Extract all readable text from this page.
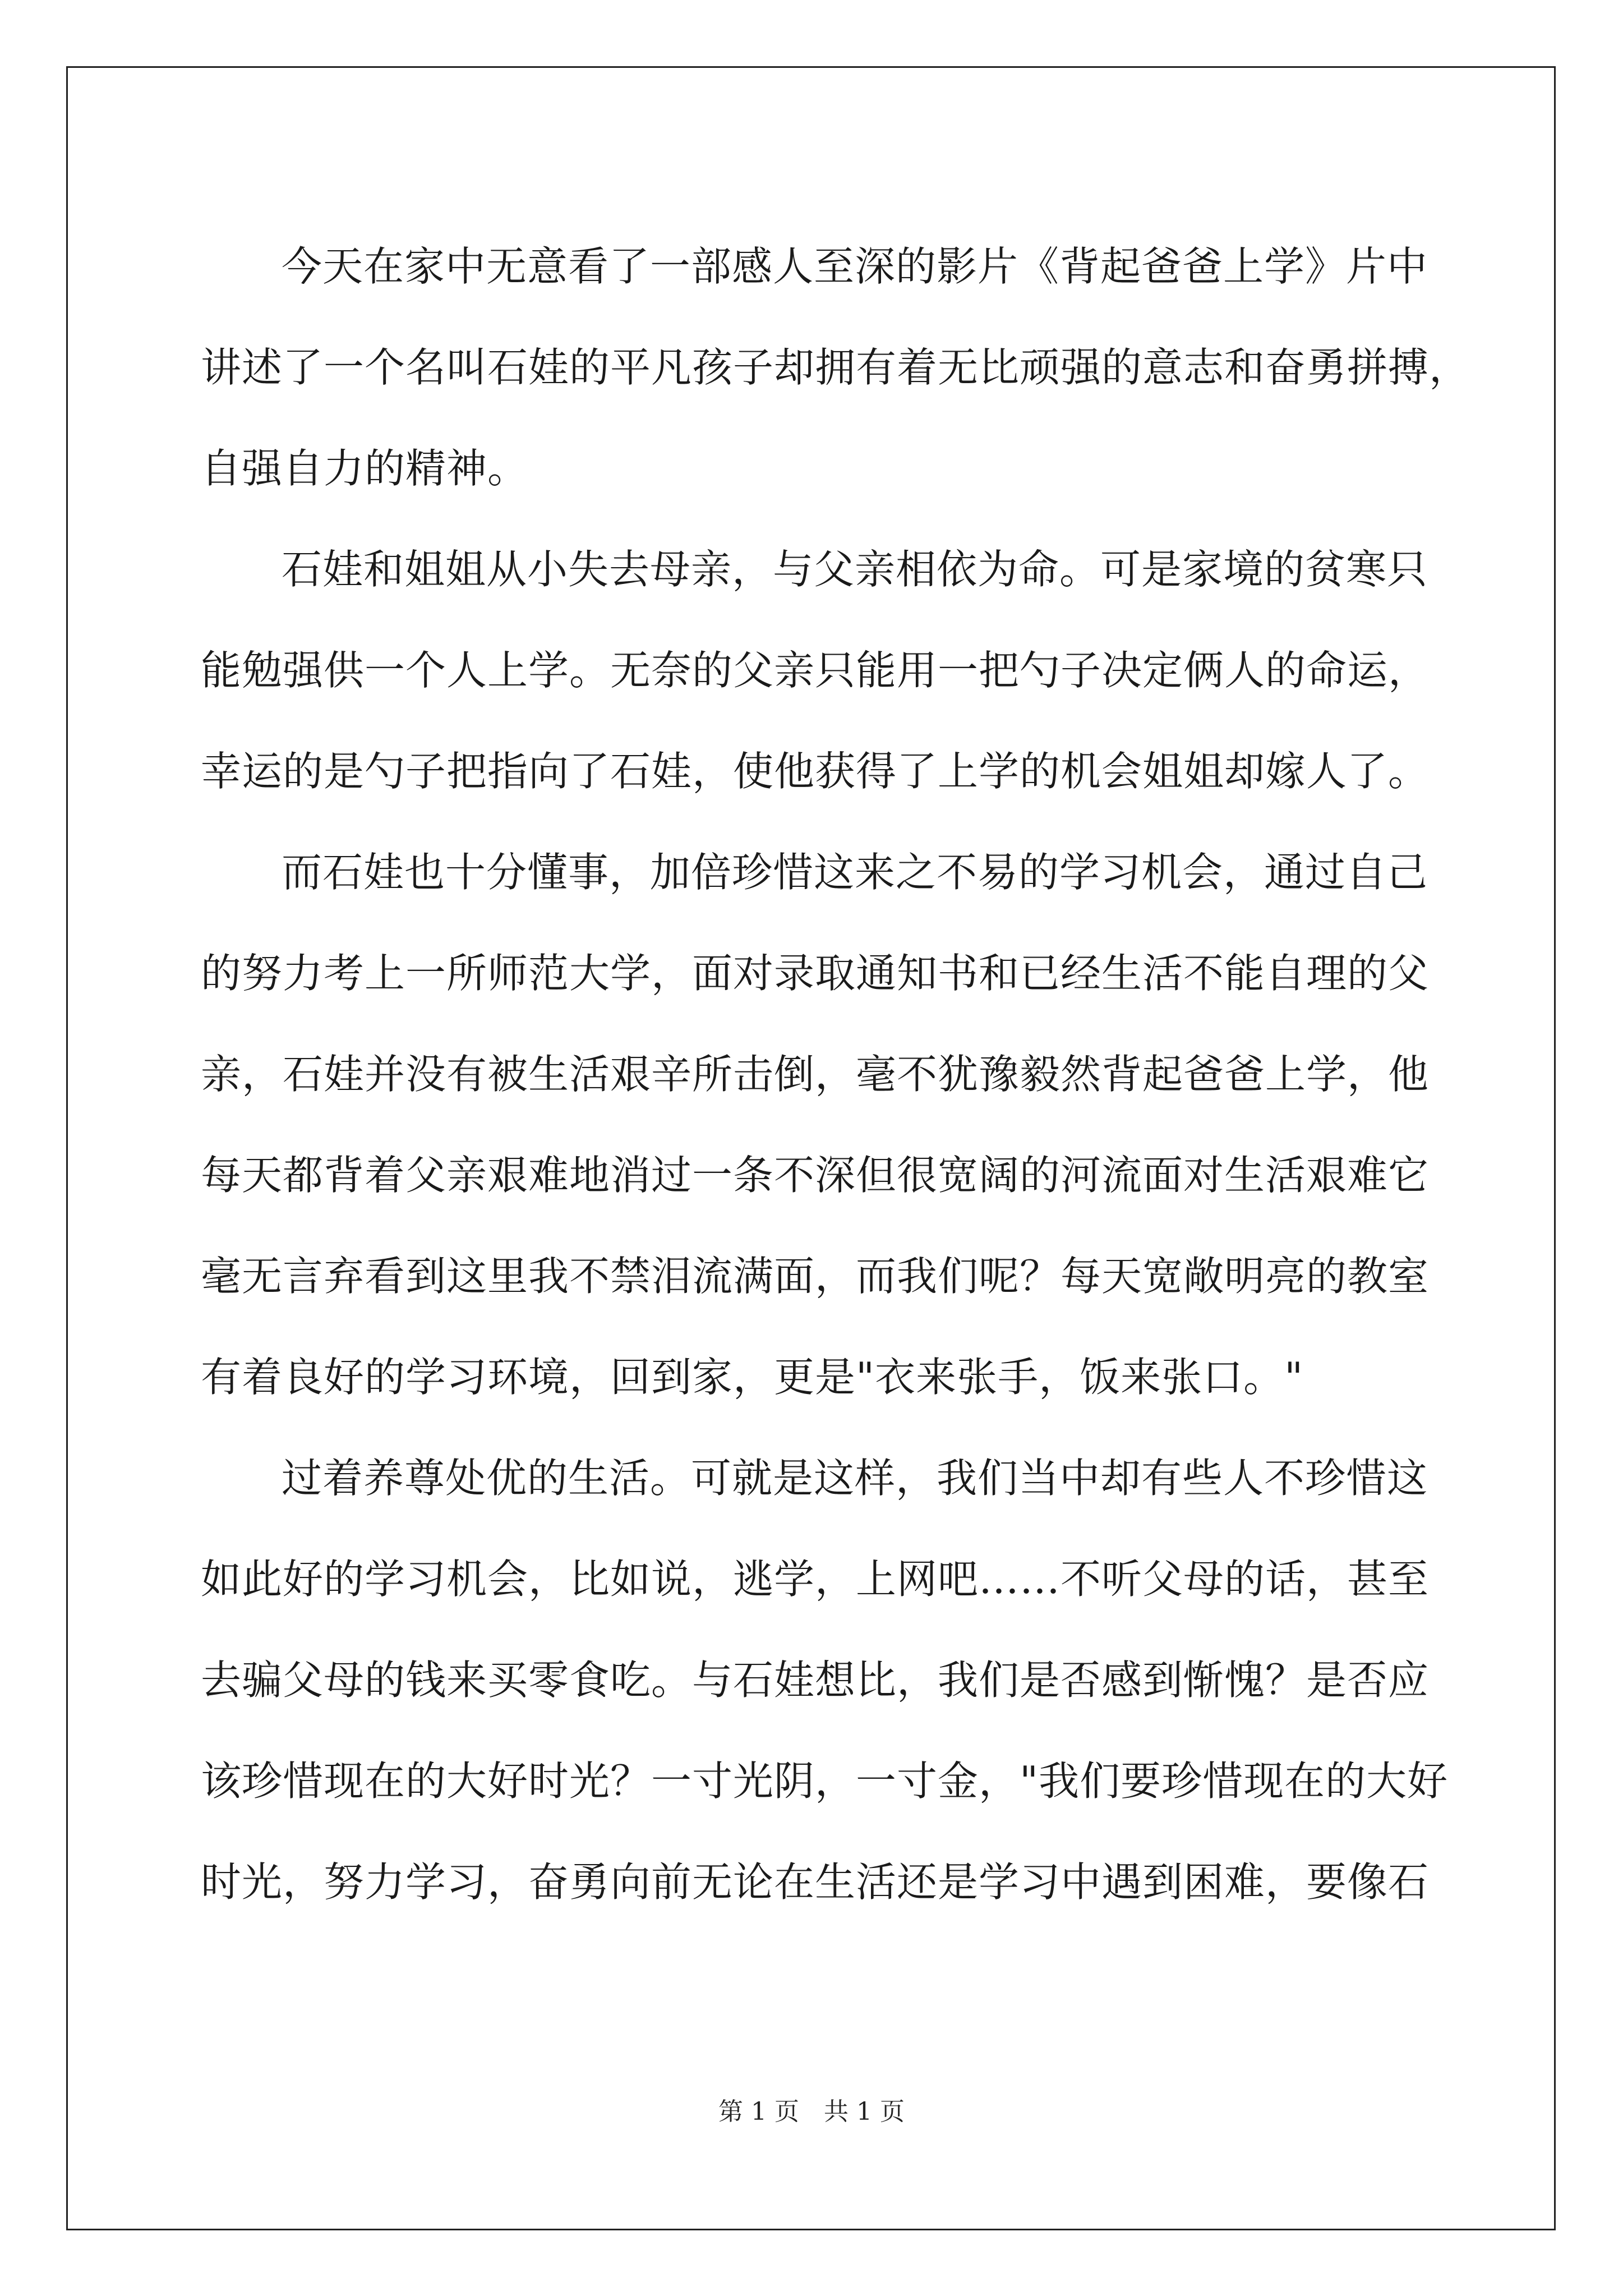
今天在家中无意看了一部感人至深的影片《背起爸爸上学》片中
讲述了一个名叫石娃的平凡孩子却拥有着无比顽强的意志和奋勇拼搏，
自强自力的精神。
石娃和姐姐从小失去母亲，与父亲相依为命。可是家境的贫寒只
能勉强供一个人上学。无奈的父亲只能用一把勺子决定俩人的命运，
幸运的是勺子把指向了石娃，使他获得了上学的机会姐姐却嫁人了。
而石娃也十分懂事，加倍珍惜这来之不易的学习机会，通过自己
的努力考上一所师范大学，面对录取通知书和已经生活不能自理的父
亲，石娃并没有被生活艰辛所击倒，毫不犹豫毅然背起爸爸上学，他
每天都背着父亲艰难地消过一条不深但很宽阔的河流面对生活艰难它
毫无言弃看到这里我不禁泪流满面，而我们呢？每天宽敞明亮的教室
有着良好的学习环境，回到家，更是"衣来张手，饭来张口。"
过着养尊处优的生活。可就是这样，我们当中却有些人不珍惜这
如此好的学习机会，比如说，逃学，上网吧……不听父母的话，甚至
去骗父母的钱来买零食吃。与石娃想比，我们是否感到惭愧？是否应
该珍惜现在的大好时光？一寸光阴，一寸金，"我们要珍惜现在的大好
时光，努力学习，奋勇向前无论在生活还是学习中遇到困难，要像石
第 1 页　共 1 页
